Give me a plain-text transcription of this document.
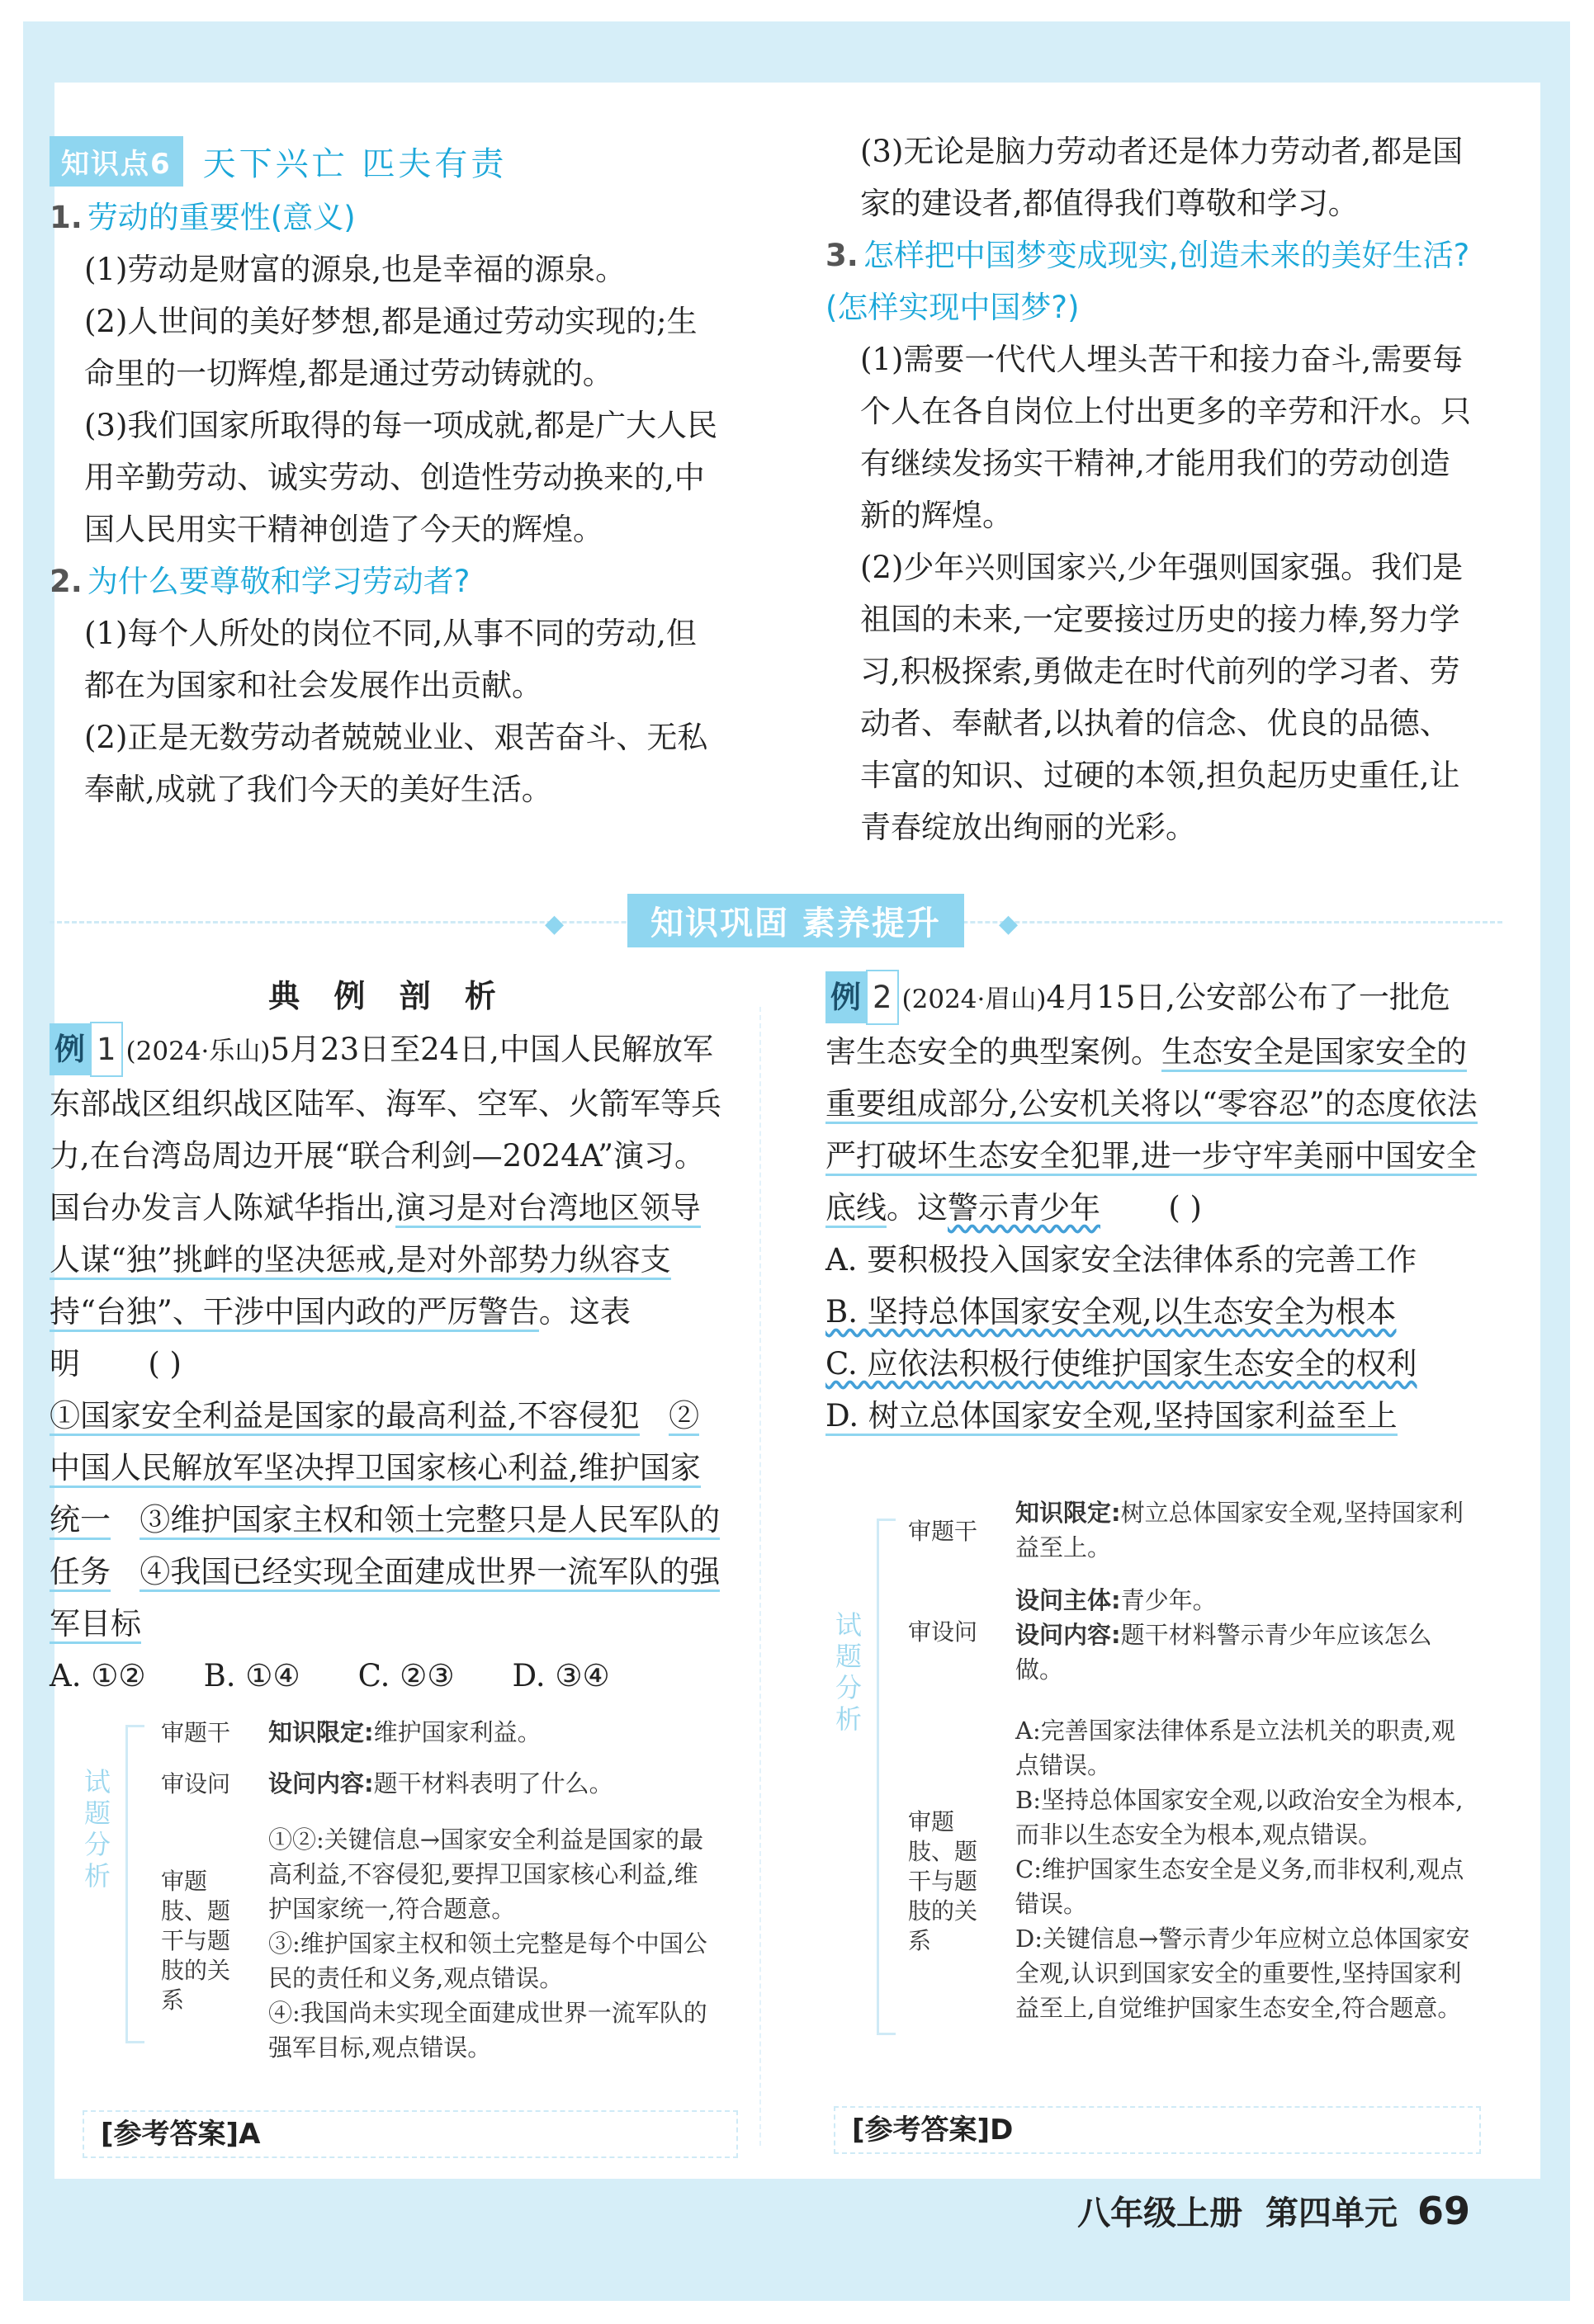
知识点6 天下兴亡 匹夫有责

1. 劳动的重要性(意义)

(1)劳动是财富的源泉,也是幸福的源泉。

(2)人世间的美好梦想,都是通过劳动实现的;生命里的一切辉煌,都是通过劳动铸就的。

(3)我们国家所取得的每一项成就,都是广大人民用辛勤劳动、诚实劳动、创造性劳动换来的,中国人民用实干精神创造了今天的辉煌。

2. 为什么要尊敬和学习劳动者?

(1)每个人所处的岗位不同,从事不同的劳动,但都在为国家和社会发展作出贡献。

(2)正是无数劳动者兢兢业业、艰苦奋斗、无私奉献,成就了我们今天的美好生活。

(3)无论是脑力劳动者还是体力劳动者,都是国家的建设者,都值得我们尊敬和学习。

3. 怎样把中国梦变成现实,创造未来的美好生活?(怎样实现中国梦?)

(1)需要一代代人埋头苦干和接力奋斗,需要每个人在各自岗位上付出更多的辛劳和汗水。只有继续发扬实干精神,才能用我们的劳动创造新的辉煌。

(2)少年兴则国家兴,少年强则国家强。我们是祖国的未来,一定要接过历史的接力棒,努力学习,积极探索,勇做走在时代前列的学习者、劳动者、奉献者,以执着的信念、优良的品德、丰富的知识、过硬的本领,担负起历史重任,让青春绽放出绚丽的光彩。

◆	知识巩固 素养提升	◆

典 例 剖 析

例 1 (2024·乐山)5月23日至24日,中国人民解放军东部战区组织战区陆军、海军、空军、火箭军等兵力,在台湾岛周边开展“联合利剑—2024A”演习。国台办发言人陈斌华指出,演习是对台湾地区领导人谋“独”挑衅的坚决惩戒,是对外部势力纵容支持“台独”、干涉中国内政的严厉警告。这表明 ( )

①国家安全利益是国家的最高利益,不容侵犯 ②中国人民解放军坚决捍卫国家核心利益,维护国家统一 ③维护国家主权和领土完整只是人民军队的任务 ④我国已经实现全面建成世界一流军队的强军目标

A. ①② B. ①④ C. ②③ D. ③④
试题分析
审题干 知识限定:维护国家利益。
审设问 设问内容:题干材料表明了什么。
审题肢、题干与题肢的关系
①②:关键信息→国家安全利益是国家的最高利益,不容侵犯,要捍卫国家核心利益,维护国家统一,符合题意。
③:维护国家主权和领土完整是每个中国公民的责任和义务,观点错误。
④:我国尚未实现全面建成世界一流军队的强军目标,观点错误。
[参考答案]A

例 2 (2024·眉山)4月15日,公安部公布了一批危害生态安全的典型案例。生态安全是国家安全的重要组成部分,公安机关将以“零容忍”的态度依法严打破坏生态安全犯罪,进一步守牢美丽中国安全底线。这警示青少年 ( )

A. 要积极投入国家安全法律体系的完善工作

B. 坚持总体国家安全观,以生态安全为根本

C. 应依法积极行使维护国家生态安全的权利

D. 树立总体国家安全观,坚持国家利益至上

试题分析
审题干
知识限定:树立总体国家安全观,坚持国家利益至上。
审设问
设问主体:青少年。
设问内容:题干材料警示青少年应该怎么做。
审题肢、题干与题肢的关系
A:完善国家法律体系是立法机关的职责,观点错误。
B:坚持总体国家安全观,以政治安全为根本,而非以生态安全为根本,观点错误。
C:维护国家生态安全是义务,而非权利,观点错误。
D:关键信息→警示青少年应树立总体国家安全观,认识到国家安全的重要性,坚持国家利益至上,自觉维护国家生态安全,符合题意。
[参考答案]D
八年级上册 第四单元 69
